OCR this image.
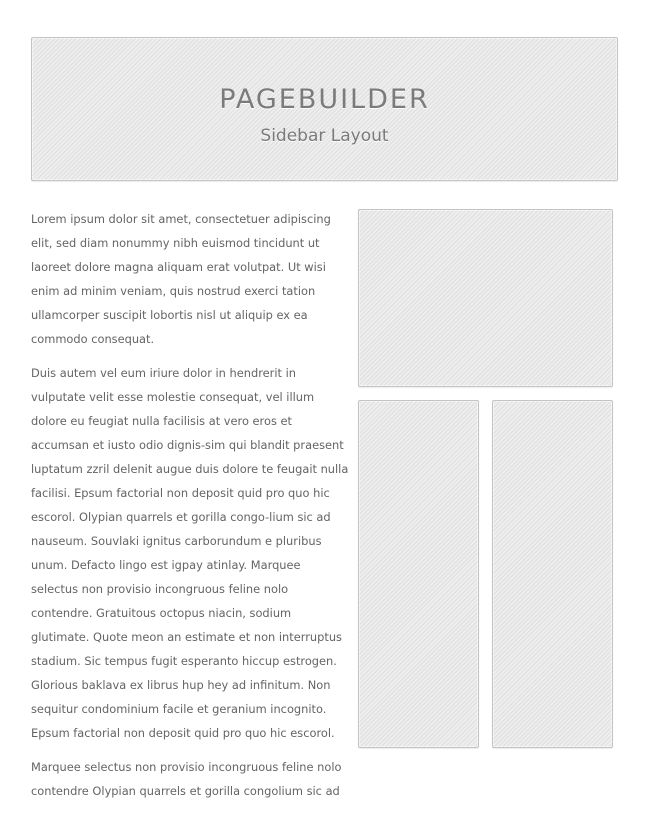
PAGEBUILDER
Sidebar Layout

Lorem ipsum dolor sit amet, consectetuer adipiscing elit, sed diam nonummy nibh euismod tincidunt ut laoreet dolore magna aliquam erat volutpat. Ut wisi enim ad minim veniam, quis nostrud exerci tation ullamcorper suscipit lobortis nisl ut aliquip ex ea commodo consequat.

Duis autem vel eum iriure dolor in hendrerit in vulputate velit esse molestie consequat, vel illum dolore eu feugiat nulla facilisis at vero eros et accumsan et iusto odio dignis-sim qui blandit praesent luptatum zzril delenit augue duis dolore te feugait nulla facilisi. Epsum factorial non deposit quid pro quo hic escorol. Olypian quarrels et gorilla congo-lium sic ad nauseum. Souvlaki ignitus carborundum e pluribus unum. Defacto lingo est igpay atinlay. Marquee selectus non provisio incongruous feline nolo contendre. Gratuitous octopus niacin, sodium glutimate. Quote meon an estimate et non interruptus stadium. Sic tempus fugit esperanto hiccup estrogen. Glorious baklava ex librus hup hey ad infinitum. Non sequitur condominium facile et geranium incognito. Epsum factorial non deposit quid pro quo hic escorol.

Marquee selectus non provisio incongruous feline nolo contendre Olypian quarrels et gorilla congolium sic ad
